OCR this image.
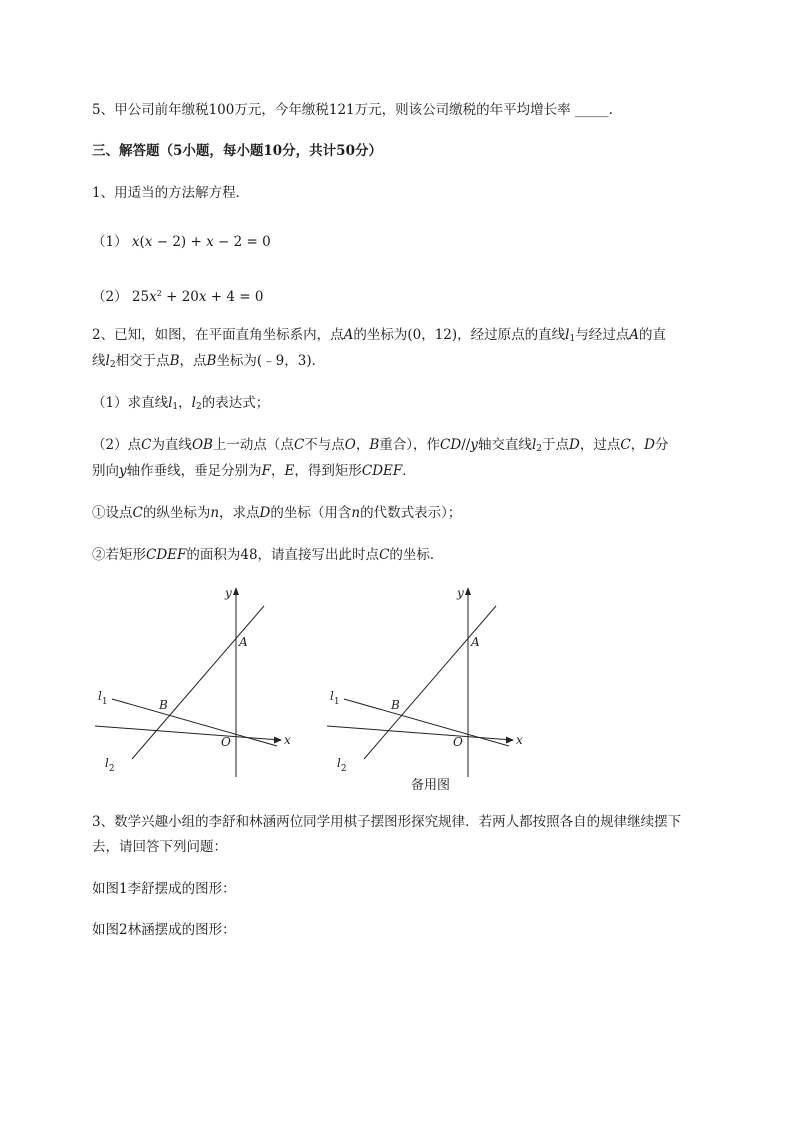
5、甲公司前年缴税100万元，今年缴税121万元，则该公司缴税的年平均增长率 _____.
三、解答题（5小题，每小题10分，共计50分）
1、用适当的方法解方程．
（1） x(x − 2) + x − 2 = 0
（2） $25x^2 + 20x + 4 = 0$
2、已知，如图，在平面直角坐标系内，点A的坐标为(0，12)，经过原点的直线$l_1$与经过点A的直
线$l_2$相交于点B，点B坐标为(﹣9，3)．
（1）求直线$l_1$，$l_2$的表达式；
（2）点C为直线OB上一动点（点C不与点O，B重合），作CD//y轴交直线$l_2$于点D，过点C，D分
别向y轴作垂线，垂足分别为F，E，得到矩形CDEF．
①设点C的纵坐标为n，求点D的坐标（用含n的代数式表示）；
②若矩形CDEF的面积为48，请直接写出此时点C的坐标．
y
x
A
B
O
$l_1$
$l_2$
y
x
A
B
O
$l_1$
$l_2$
备用图
3、数学兴趣小组的李舒和林涵两位同学用棋子摆图形探究规律．若两人都按照各自的规律继续摆下
去，请回答下列问题：
如图1李舒摆成的图形：
如图2林涵摆成的图形：
